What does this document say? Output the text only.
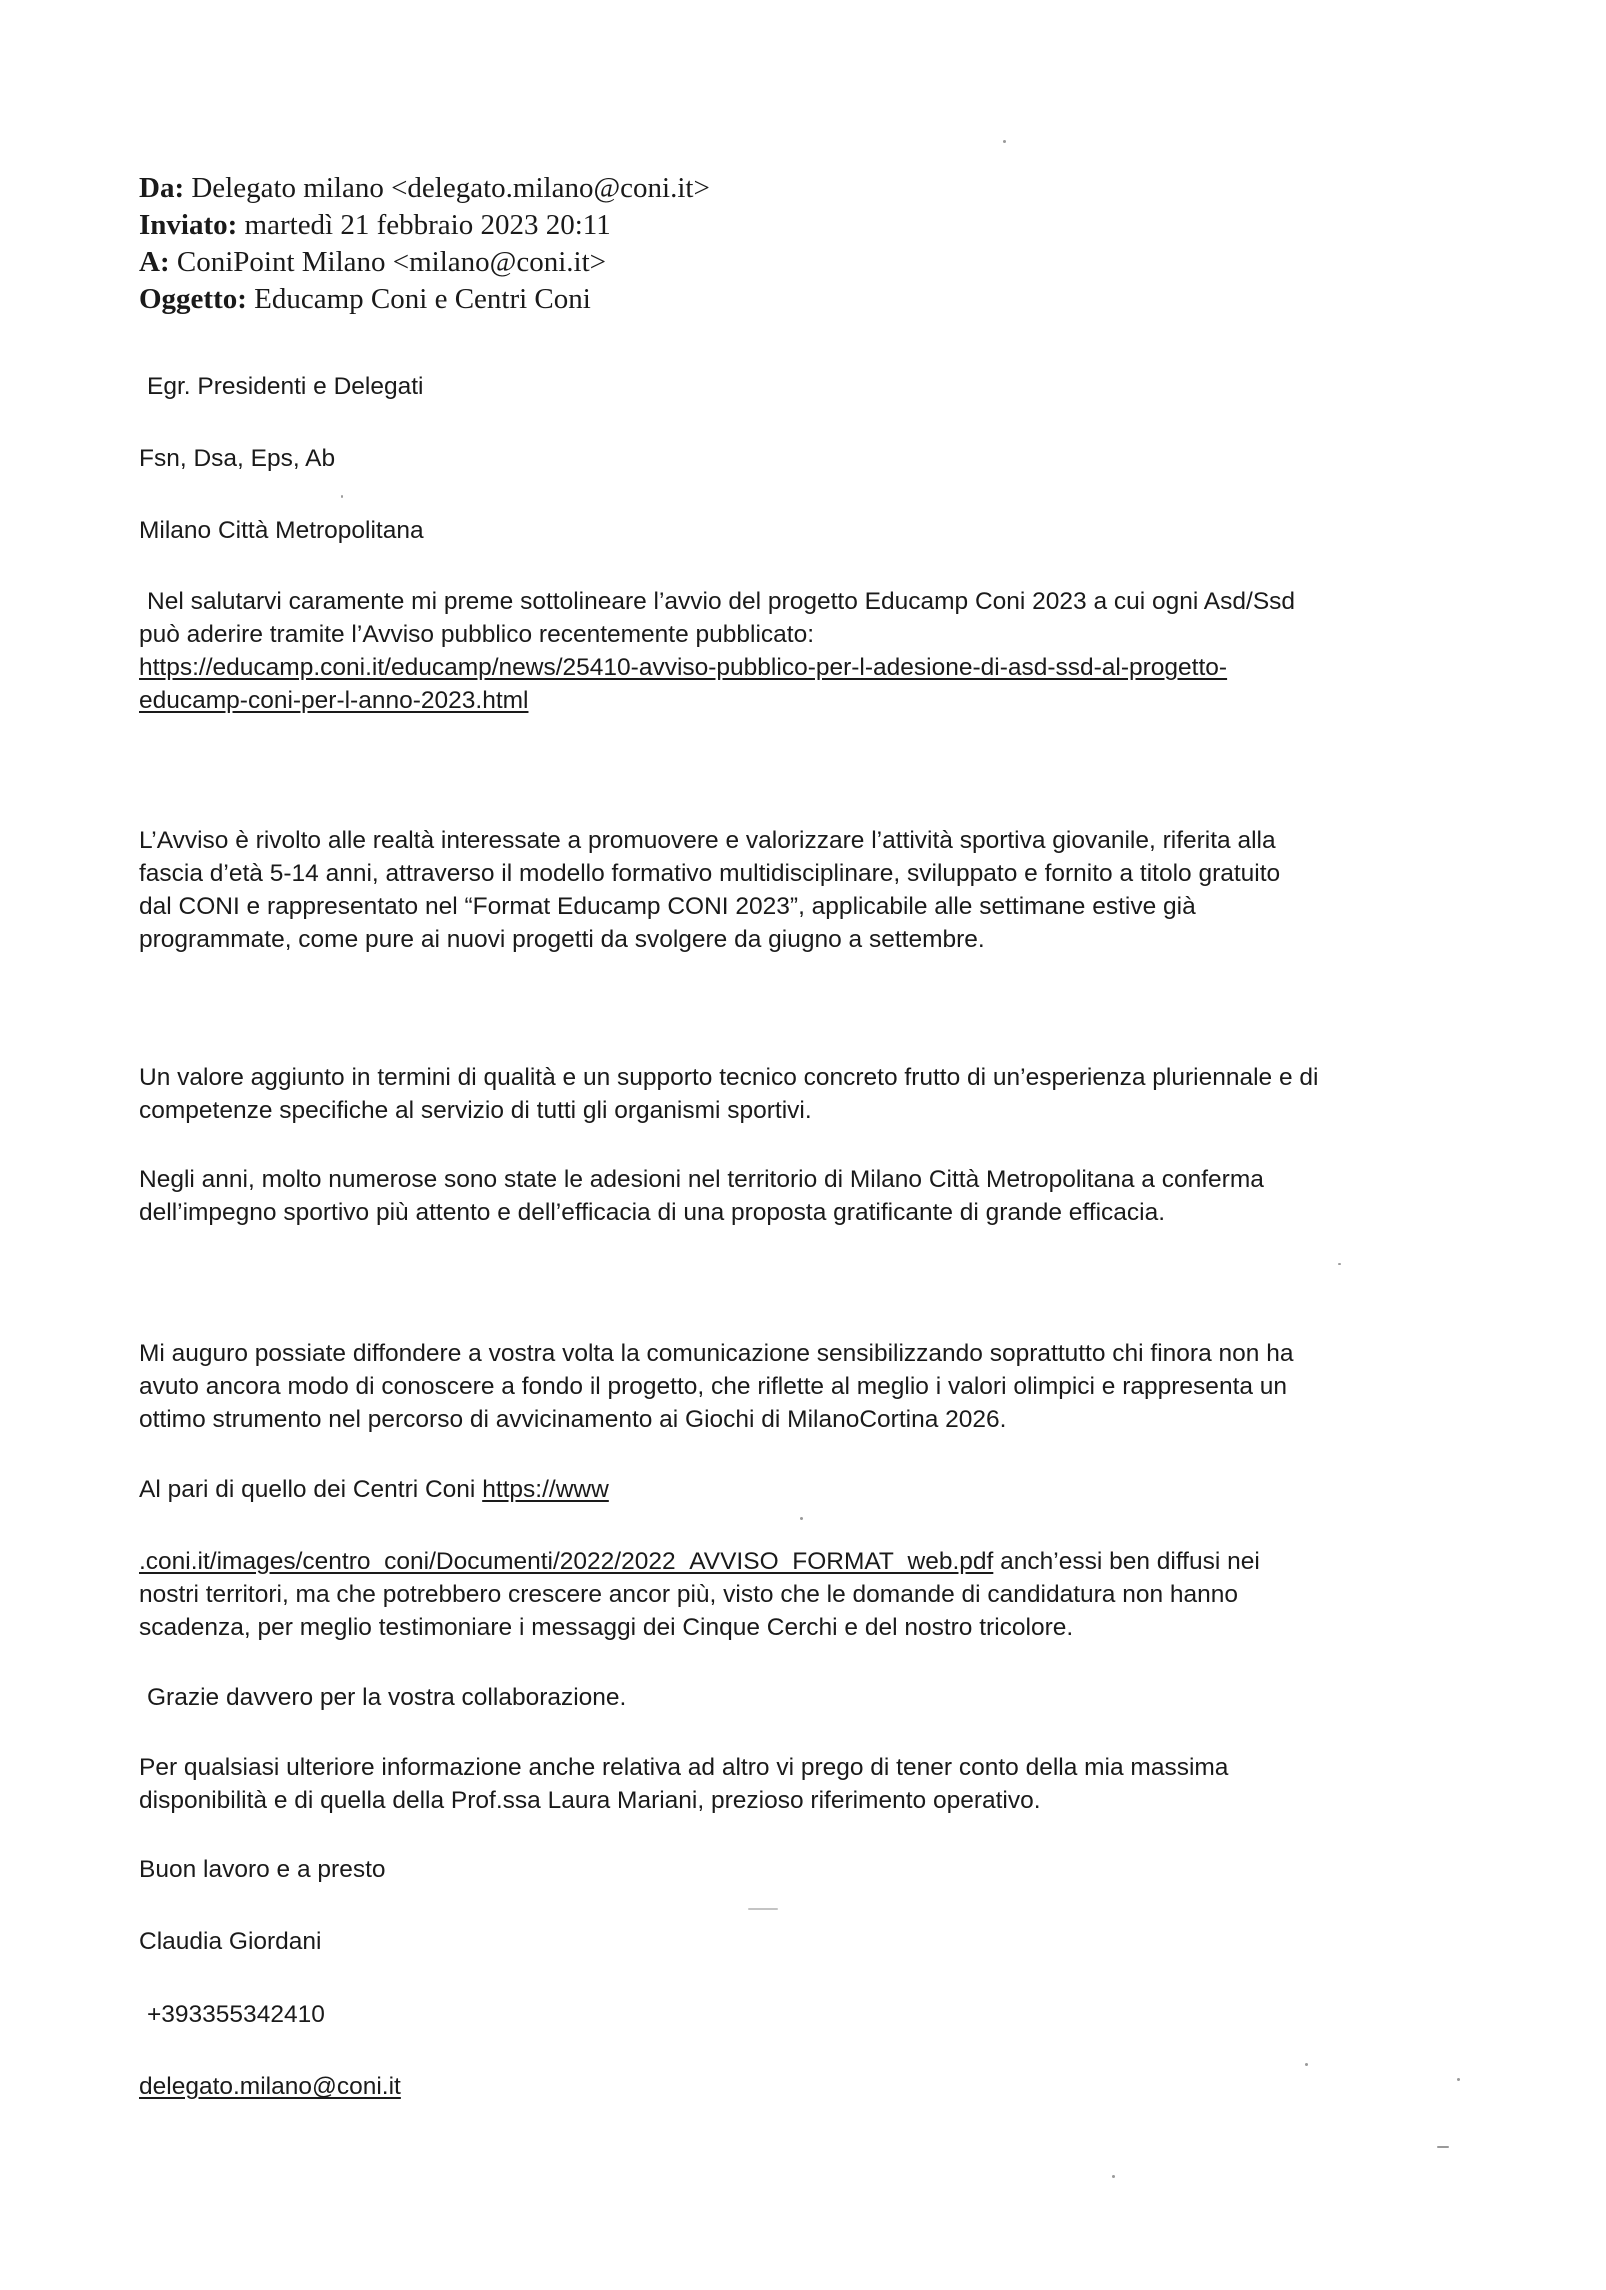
Da: Delegato milano <delegato.milano@coni.it>
Inviato: martedì 21 febbraio 2023 20:11
A: ConiPoint Milano <milano@coni.it>
Oggetto: Educamp Coni e Centri Coni
Egr. Presidenti e Delegati
Fsn, Dsa, Eps, Ab
Milano Città Metropolitana
Nel salutarvi caramente mi preme sottolineare l’avvio del progetto Educamp Coni 2023 a cui ogni Asd/Ssd
può aderire tramite l’Avviso pubblico recentemente pubblicato:
https://educamp.coni.it/educamp/news/25410-avviso-pubblico-per-l-adesione-di-asd-ssd-al-progetto-
educamp-coni-per-l-anno-2023.html
L’Avviso è rivolto alle realtà interessate a promuovere e valorizzare l’attività sportiva giovanile, riferita alla
fascia d’età 5-14 anni, attraverso il modello formativo multidisciplinare, sviluppato e fornito a titolo gratuito
dal CONI e rappresentato nel “Format Educamp CONI 2023”, applicabile alle settimane estive già
programmate, come pure ai nuovi progetti da svolgere da giugno a settembre.
Un valore aggiunto in termini di qualità e un supporto tecnico concreto frutto di un’esperienza pluriennale e di
competenze specifiche al servizio di tutti gli organismi sportivi.
Negli anni, molto numerose sono state le adesioni nel territorio di Milano Città Metropolitana a conferma
dell’impegno sportivo più attento e dell’efficacia di una proposta gratificante di grande efficacia.
Mi auguro possiate diffondere a vostra volta la comunicazione sensibilizzando soprattutto chi finora non ha
avuto ancora modo di conoscere a fondo il progetto, che riflette al meglio i valori olimpici e rappresenta un
ottimo strumento nel percorso di avvicinamento ai Giochi di MilanoCortina 2026.
Al pari di quello dei Centri Coni https://www
.coni.it/images/centro_coni/Documenti/2022/2022_AVVISO_FORMAT_web.pdf anch’essi ben diffusi nei
nostri territori, ma che potrebbero crescere ancor più, visto che le domande di candidatura non hanno
scadenza, per meglio testimoniare i messaggi dei Cinque Cerchi e del nostro tricolore.
Grazie davvero per la vostra collaborazione.
Per qualsiasi ulteriore informazione anche relativa ad altro vi prego di tener conto della mia massima
disponibilità e di quella della Prof.ssa Laura Mariani, prezioso riferimento operativo.
Buon lavoro e a presto
Claudia Giordani
+393355342410
delegato.milano@coni.it
